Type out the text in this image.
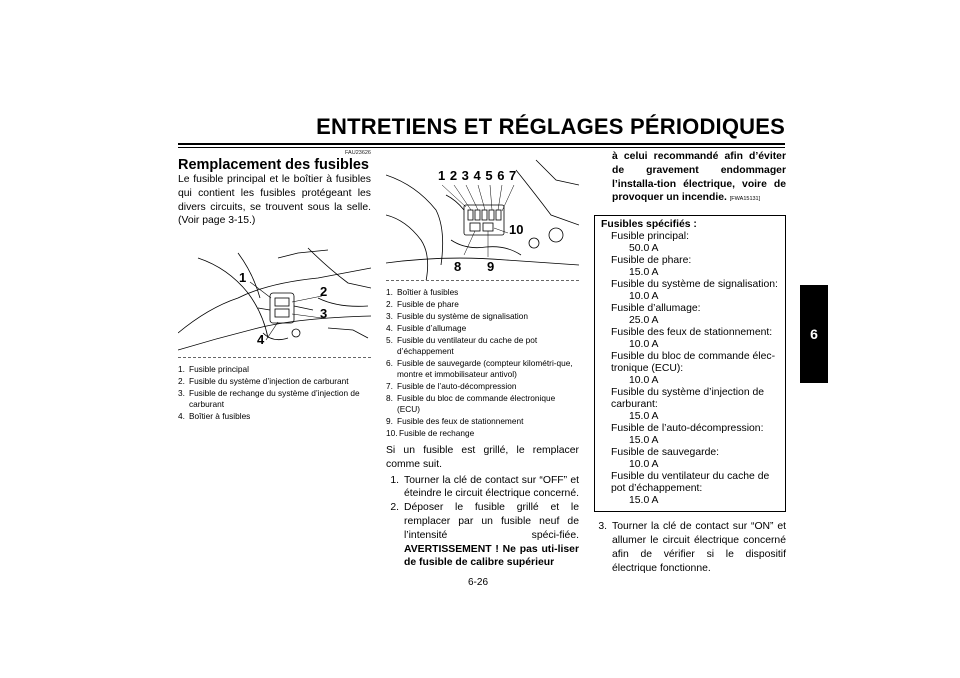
ENTRETIENS ET RÉGLAGES PÉRIODIQUES
6
FAU23626
Remplacement des fusibles
Le fusible principal et le boîtier à fusibles qui contient les fusibles protégeant les divers circuits, se trouvent sous la selle. (Voir page 3-15.)
1
2
3
4
1. Fusible principal
2. Fusible du système d’injection de carburant
3. Fusible de rechange du système d’injection de carburant
4. Boîtier à fusibles
1 2 3 4 5 6 7
10
8 9
1. Boîtier à fusibles
2. Fusible de phare
3. Fusible du système de signalisation
4. Fusible d’allumage
5. Fusible du ventilateur du cache de pot d’échappement
6. Fusible de sauvegarde (compteur kilométri-que, montre et immobilisateur antivol)
7. Fusible de l’auto-décompression
8. Fusible du bloc de commande électronique (ECU)
9. Fusible des feux de stationnement
10. Fusible de rechange
Si un fusible est grillé, le remplacer comme suit.
1. Tourner la clé de contact sur “OFF” et éteindre le circuit électrique concerné.
2. Déposer le fusible grillé et le remplacer par un fusible neuf de l’intensité spéci-fiée. AVERTISSEMENT ! Ne pas uti-liser de fusible de calibre supérieur
à celui recommandé afin d’éviter de gravement endommager l’installa-tion électrique, voire de provoquer un incendie. [FWA15131]
Fusibles spécifiés :
Fusible principal:
50.0 A
Fusible de phare:
15.0 A
Fusible du système de signalisation:
10.0 A
Fusible d’allumage:
25.0 A
Fusible des feux de stationnement:
10.0 A
Fusible du bloc de commande élec-tronique (ECU):
10.0 A
Fusible du système d’injection de carburant:
15.0 A
Fusible de l’auto-décompression:
15.0 A
Fusible de sauvegarde:
10.0 A
Fusible du ventilateur du cache de pot d’échappement:
15.0 A
3. Tourner la clé de contact sur “ON” et allumer le circuit électrique concerné afin de vérifier si le dispositif électrique fonctionne.
6-26
